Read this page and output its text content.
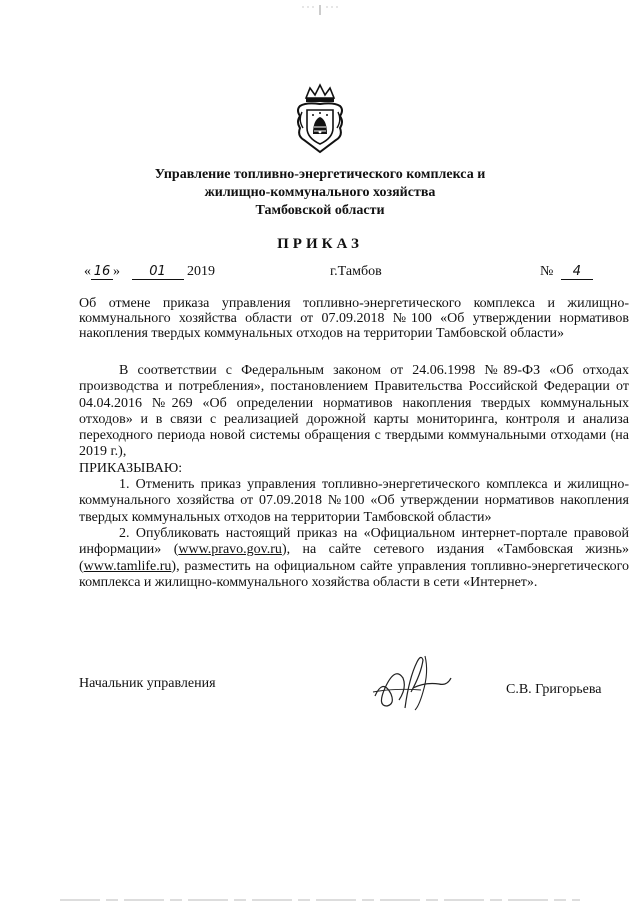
Управление топливно-энергетического комплекса и
жилищно-коммунального хозяйства
Тамбовской области
ПРИКАЗ
« 16 » 01 2019	г.Тамбов	№ 4
Об отмене приказа управления топливно-энергетического комплекса и жилищно-коммунального хозяйства области от 07.09.2018 №100 «Об утверждении нормативов накопления твердых коммунальных отходов на территории Тамбовской области»

В соответствии с Федеральным законом от 24.06.1998 №89-ФЗ «Об отходах производства и потребления», постановлением Правительства Российской Федерации от 04.04.2016 №269 «Об определении нормативов накопления твердых коммунальных отходов» и в связи с реализацией дорожной карты мониторинга, контроля и анализа переходного периода новой системы обращения с твердыми коммунальными отходами (на 2019 г.),

ПРИКАЗЫВАЮ:

1. Отменить приказ управления топливно-энергетического комплекса и жилищно-коммунального хозяйства от 07.09.2018 №100 «Об утверждении нормативов накопления твердых коммунальных отходов на территории Тамбовской области»

2. Опубликовать настоящий приказ на «Официальном интернет-портале правовой информации» (www.pravo.gov.ru), на сайте сетевого издания «Тамбовская жизнь» (www.tamlife.ru), разместить на официальном сайте управления топливно-энергетического комплекса и жилищно-коммунального хозяйства области в сети «Интернет».

Начальник управления	С.В. Григорьева
